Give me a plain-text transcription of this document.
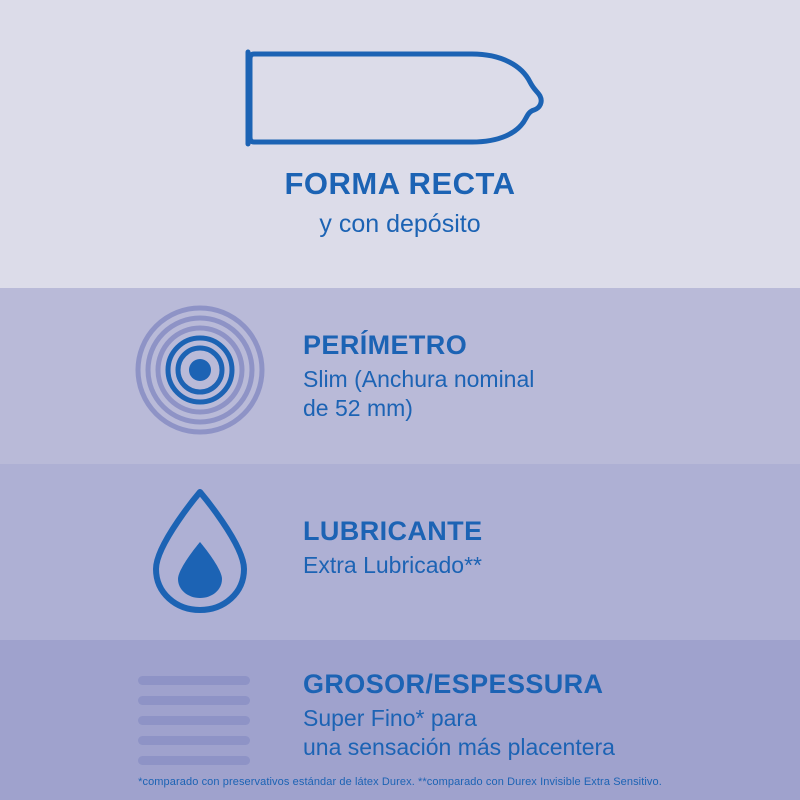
FORMA RECTA
y con depósito

PERÍMETRO

Slim (Anchura nominal

de 52 mm)

LUBRICANTE

Extra Lubricado**

GROSOR/ESPESSURA

Super Fino* para

una sensación más placentera

*comparado con preservativos estándar de látex Durex. **comparado con Durex Invisible Extra Sensitivo.
